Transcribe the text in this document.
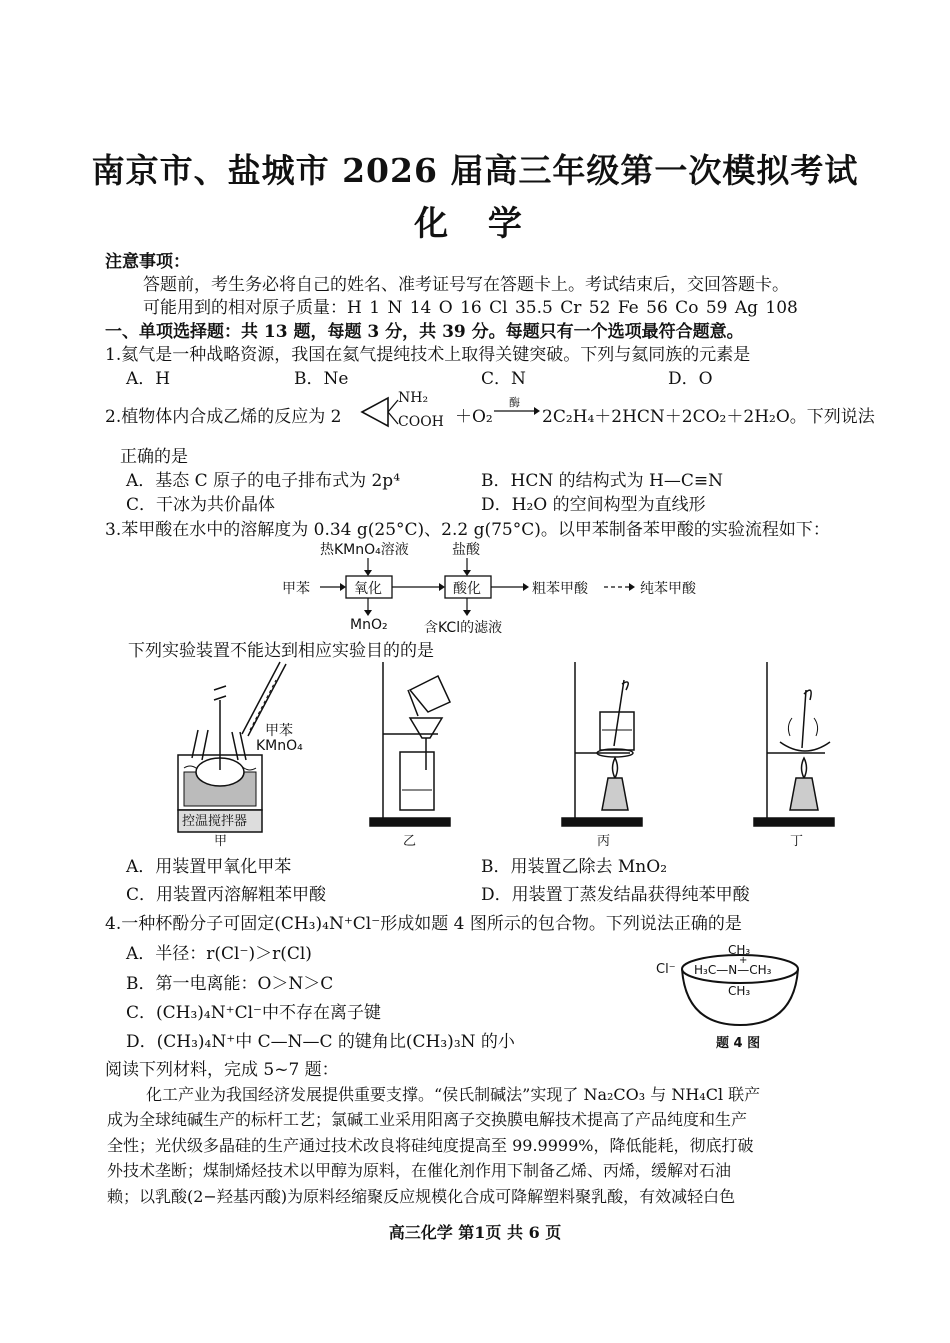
南京市、盐城市 2026 届高三年级第一次模拟考试
化 学
注意事项：
答题前，考生务必将自己的姓名、准考证号写在答题卡上。考试结束后，交回答题卡。
可能用到的相对原子质量：H 1 N 14 O 16 Cl 35.5 Cr 52 Fe 56 Co 59 Ag 108
一、单项选择题：共 13 题，每题 3 分，共 39 分。每题只有一个选项最符合题意。
1.氦气是一种战略资源，我国在氦气提纯技术上取得关键突破。下列与氦同族的元素是
A．H	B．Ne	C．N	D．O
2.植物体内合成乙烯的反应为 2
NH₂
COOH ＋O₂
酶
→ 2C₂H₄＋2HCN＋2CO₂＋2H₂O。下列说法
正确的是
A．基态 C 原子的电子排布式为 2p⁴	B．HCN 的结构式为 H—C≡N
C．干冰为共价晶体	D．H₂O 的空间构型为直线形
3.苯甲酸在水中的溶解度为 0.34 g(25°C)、2.2 g(75°C)。以甲苯制备苯甲酸的实验流程如下：
热KMnO₄溶液	盐酸
甲苯	氧化	酸化	粗苯甲酸	纯苯甲酸
MnO₂	含KCl的滤液
下列实验装置不能达到相应实验目的的是
甲苯
KMnO₄
控温搅拌器
甲	乙	丙	丁
A．用装置甲氧化甲苯	B．用装置乙除去 MnO₂
C．用装置丙溶解粗苯甲酸	D．用装置丁蒸发结晶获得纯苯甲酸
4.一种杯酚分子可固定(CH₃)₄N⁺Cl⁻形成如题 4 图所示的包合物。下列说法正确的是
A．半径：r(Cl⁻)＞r(Cl)
B．第一电离能：O＞N＞C
C．(CH₃)₄N⁺Cl⁻中不存在离子键
D．(CH₃)₄N⁺中 C—N—C 的键角比(CH₃)₃N 的小
Cl⁻
CH₃
+
H₃C—N—CH₃
CH₃
题 4 图
阅读下列材料，完成 5~7 题：
化工产业为我国经济发展提供重要支撑。“侯氏制碱法”实现了 Na₂CO₃ 与 NH₄Cl 联产
成为全球纯碱生产的标杆工艺；氯碱工业采用阳离子交换膜电解技术提高了产品纯度和生产
全性；光伏级多晶硅的生产通过技术改良将硅纯度提高至 99.9999%，降低能耗，彻底打破
外技术垄断；煤制烯烃技术以甲醇为原料，在催化剂作用下制备乙烯、丙烯，缓解对石油
赖；以乳酸(2−羟基丙酸)为原料经缩聚反应规模化合成可降解塑料聚乳酸，有效减轻白色
高三化学 第1页 共 6 页
